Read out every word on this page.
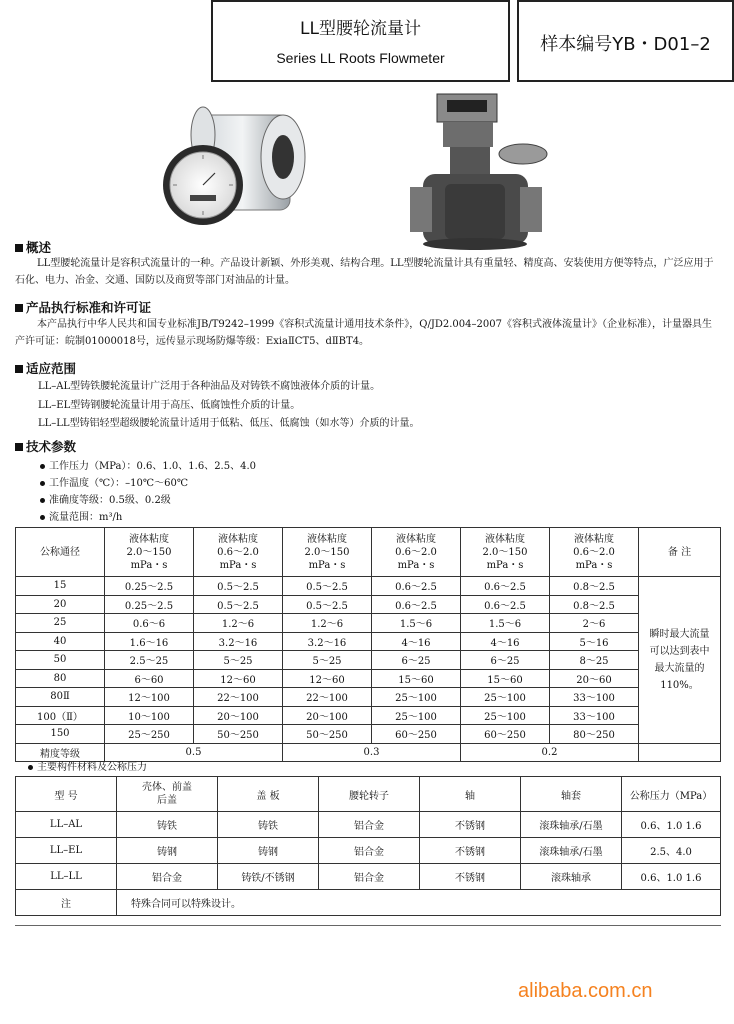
LL型腰轮流量计
Series LL Roots Flowmeter
样本编号YB・D01–2
概述
LL型腰轮流量计是容积式流量计的一种。产品设计新颖、外形美观、结构合理。LL型腰轮流量计具有重量轻、精度高、安装使用方便等特点，广泛应用于石化、电力、冶金、交通、国防以及商贸等部门对油品的计量。
产品执行标准和许可证
本产品执行中华人民共和国专业标准JB/T9242–1999《容积式流量计通用技术条件》，Q/JD2.004–2007《容积式液体流量计》（企业标准），计量器具生产许可证：皖制01000018号，远传显示现场防爆等级：ExiaⅡCT5、dⅡBT4。
适应范围
LL–AL型铸铁腰轮流量计广泛用于各种油品及对铸铁不腐蚀液体介质的计量。
LL–EL型铸钢腰轮流量计用于高压、低腐蚀性介质的计量。
LL–LL型铸铝轻型超级腰轮流量计适用于低粘、低压、低腐蚀（如水等）介质的计量。
技术参数
工作压力（MPa）：0.6、1.0、1.6、2.5、4.0
工作温度（℃）：–10℃～60℃
准确度等级：0.5级、0.2级
流量范围：m³/h
公称通径	液体粘度
2.0～150
mPa・s	液体粘度
0.6～2.0
mPa・s	液体粘度
2.0～150
mPa・s	液体粘度
0.6～2.0
mPa・s	液体粘度
2.0～150
mPa・s	液体粘度
0.6～2.0
mPa・s	备 注
15	0.25～2.5	0.5～2.5	0.5～2.5	0.6～2.5	0.6～2.5	0.8～2.5	瞬时最大流量可以达到表中最大流量的110%。
20	0.25～2.5	0.5～2.5	0.5～2.5	0.6～2.5	0.6～2.5	0.8～2.5	
25	0.6～6	1.2～6	1.2～6	1.5～6	1.5～6	2～6	
40	1.6～16	3.2～16	3.2～16	4～16	4～16	5～16	
50	2.5～25	5～25	5～25	6～25	6～25	8～25	
80	6～60	12～60	12～60	15～60	15～60	20～60	
80Ⅱ	12～100	22～100	22～100	25～100	25～100	33～100	
100（Ⅱ）	10～100	20～100	20～100	25～100	25～100	33～100	
150	25～250	50～250	50～250	60～250	60～250	80～250	
精度等级	0.5		0.3		0.2		
主要构件材料及公称压力
型 号	壳体、前盖
后盖	盖 板	腰轮转子	轴	轴套	公称压力（MPa）
LL–AL	铸铁	铸铁	铝合金	不锈钢	滚珠轴承/石墨	0.6、1.0 1.6
LL–EL	铸钢	铸钢	铝合金	不锈钢	滚珠轴承/石墨	2.5、4.0
LL–LL	铝合金	铸铁/不锈钢	铝合金	不锈钢	滚珠轴承	0.6、1.0 1.6
注	特殊合同可以特殊设计。					
alibaba.com.cn
